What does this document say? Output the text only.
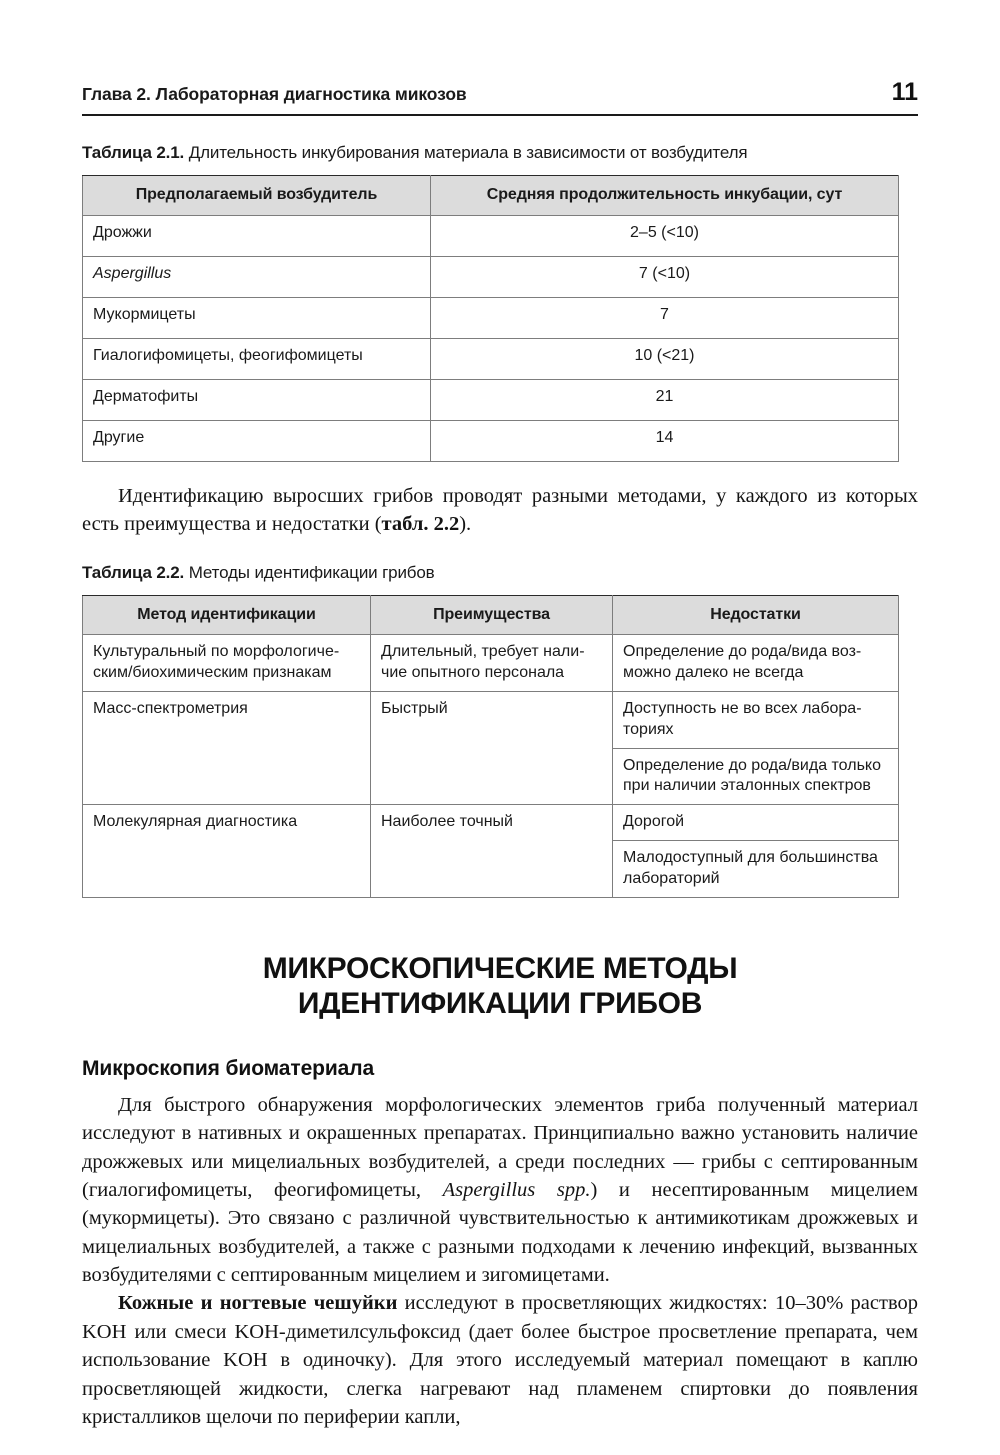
Глава 2. Лабораторная диагностика микозов	11
Таблица 2.1. Длительность инкубирования материала в зависимости от возбудителя
Предполагаемый возбудитель	Средняя продолжительность инкубации, сут
Дрожжи	2–5 (<10)
Aspergillus	7 (<10)
Мукормицеты	7
Гиалогифомицеты, феогифомицеты	10 (<21)
Дерматофиты	21
Другие	14

Идентификацию выросших грибов проводят разными методами, у каждого из которых есть преимущества и недостатки (табл. 2.2).

Таблица 2.2. Методы идентификации грибов
Метод идентификации	Преимущества	Недостатки
Культуральный по морфологическим/биохимическим признакам	Длительный, требует наличие опытного персонала	Определение до рода/вида возможно далеко не всегда
Масс-спектрометрия	Быстрый	Доступность не во всех лабораториях
		Определение до рода/вида только при наличии эталонных спектров
Молекулярная диагностика	Наиболее точный	Дорогой
		Малодоступный для большинства лабораторий
МИКРОСКОПИЧЕСКИЕ МЕТОДЫ
ИДЕНТИФИКАЦИИ ГРИБОВ
Микроскопия биоматериала

Для быстрого обнаружения морфологических элементов гриба полученный материал исследуют в нативных и окрашенных препаратах. Принципиально важно установить наличие дрожжевых или мицелиальных возбудителей, а среди последних — грибы с септированным (гиалогифомицеты, феогифомицеты, Aspergillus spp.) и несептированным мицелием (мукормицеты). Это связано с различной чувствительностью к антимикотикам дрожжевых и мицелиальных возбудителей, а также с разными подходами к лечению инфекций, вызванных возбудителями с септированным мицелием и зигомицетами.

Кожные и ногтевые чешуйки исследуют в просветляющих жидкостях: 10–30% раствор KOH или смеси KOH-диметилсульфоксид (дает более быстрое просветление препарата, чем использование KOH в одиночку). Для этого исследуемый материал помещают в каплю просветляющей жидкости, слегка нагревают над пламенем спиртовки до появления кристалликов щелочи по периферии капли,
